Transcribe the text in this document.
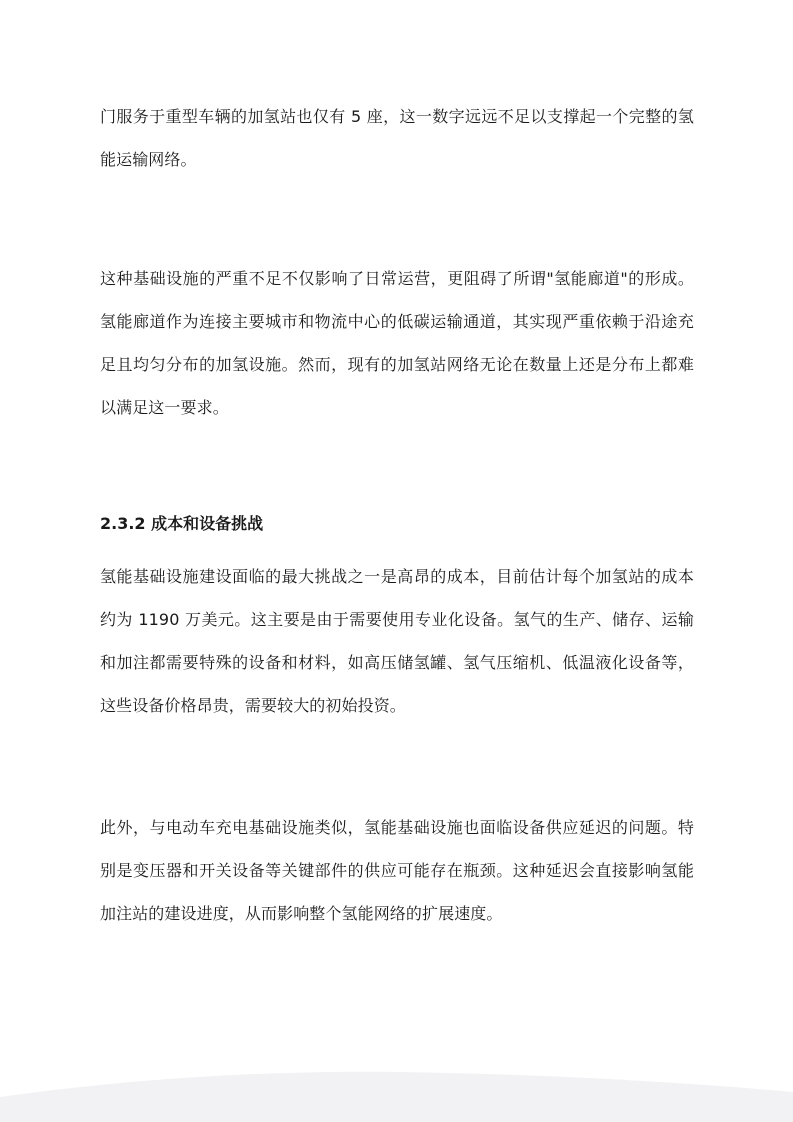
门服务于重型车辆的加氢站也仅有 5 座，这一数字远远不足以支撑起一个完整的氢能运输网络。

这种基础设施的严重不足不仅影响了日常运营，更阻碍了所谓"氢能廊道"的形成。氢能廊道作为连接主要城市和物流中心的低碳运输通道，其实现严重依赖于沿途充足且均匀分布的加氢设施。然而，现有的加氢站网络无论在数量上还是分布上都难以满足这一要求。

2.3.2 成本和设备挑战

氢能基础设施建设面临的最大挑战之一是高昂的成本，目前估计每个加氢站的成本约为 1190 万美元。这主要是由于需要使用专业化设备。氢气的生产、储存、运输和加注都需要特殊的设备和材料，如高压储氢罐、氢气压缩机、低温液化设备等，这些设备价格昂贵，需要较大的初始投资。

此外，与电动车充电基础设施类似，氢能基础设施也面临设备供应延迟的问题。特别是变压器和开关设备等关键部件的供应可能存在瓶颈。这种延迟会直接影响氢能加注站的建设进度，从而影响整个氢能网络的扩展速度。
